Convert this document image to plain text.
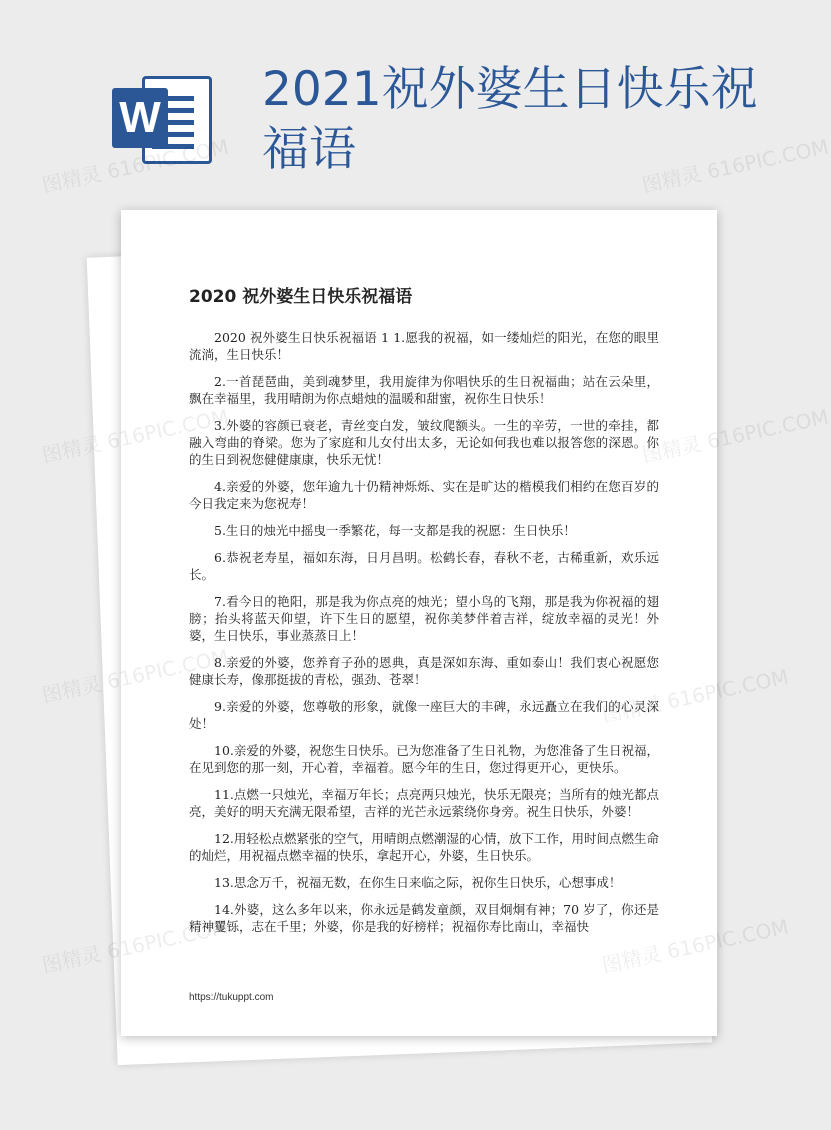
W
2021祝外婆生日快乐祝福语
2020 祝外婆生日快乐祝福语

2020 祝外婆生日快乐祝福语 1 1.愿我的祝福，如一缕灿烂的阳光，在您的眼里流淌，生日快乐！

2.一首琵琶曲，美到魂梦里，我用旋律为你唱快乐的生日祝福曲；站在云朵里，飘在幸福里，我用晴朗为你点蜡烛的温暖和甜蜜，祝你生日快乐！

3.外婆的容颜已衰老，青丝变白发，皱纹爬额头。一生的辛劳，一世的牵挂，都融入弯曲的脊梁。您为了家庭和儿女付出太多，无论如何我也难以报答您的深恩。你的生日到祝您健健康康，快乐无忧！

4.亲爱的外婆，您年逾九十仍精神烁烁、实在是旷达的楷模我们相约在您百岁的今日我定来为您祝寿！

5.生日的烛光中摇曳一季繁花，每一支都是我的祝愿：生日快乐！

6.恭祝老寿星，福如东海，日月昌明。松鹤长春，春秋不老，古稀重新，欢乐远长。

7.看今日的艳阳，那是我为你点亮的烛光；望小鸟的飞翔，那是我为你祝福的翅膀；抬头将蓝天仰望，许下生日的愿望，祝你美梦伴着吉祥，绽放幸福的灵光！外婆，生日快乐，事业蒸蒸日上！

8.亲爱的外婆，您养育子孙的恩典，真是深如东海、重如泰山！我们衷心祝愿您健康长寿，像那挺拔的青松，强劲、苍翠！

9.亲爱的外婆，您尊敬的形象，就像一座巨大的丰碑，永远矗立在我们的心灵深处！

10.亲爱的外婆，祝您生日快乐。已为您准备了生日礼物，为您准备了生日祝福，在见到您的那一刻，开心着，幸福着。愿今年的生日，您过得更开心，更快乐。

11.点燃一只烛光，幸福万年长；点亮两只烛光，快乐无限亮；当所有的烛光都点亮，美好的明天充满无限希望，吉祥的光芒永远萦绕你身旁。祝生日快乐，外婆！

12.用轻松点燃紧张的空气，用晴朗点燃潮湿的心情，放下工作，用时间点燃生命的灿烂，用祝福点燃幸福的快乐，拿起开心，外婆，生日快乐。

13.思念万千，祝福无数，在你生日来临之际，祝你生日快乐，心想事成！

14.外婆，这么多年以来，你永远是鹤发童颜，双目炯炯有神；70 岁了，你还是精神矍铄，志在千里；外婆，你是我的好榜样；祝福你寿比南山，幸福快

https://tukuppt.com
图精灵 616PIC.COM	图精灵 616PIC.COM
图精灵	图精灵 616PIC.COM
图精灵	616PIC.COM
图精灵	616PIC.COM
